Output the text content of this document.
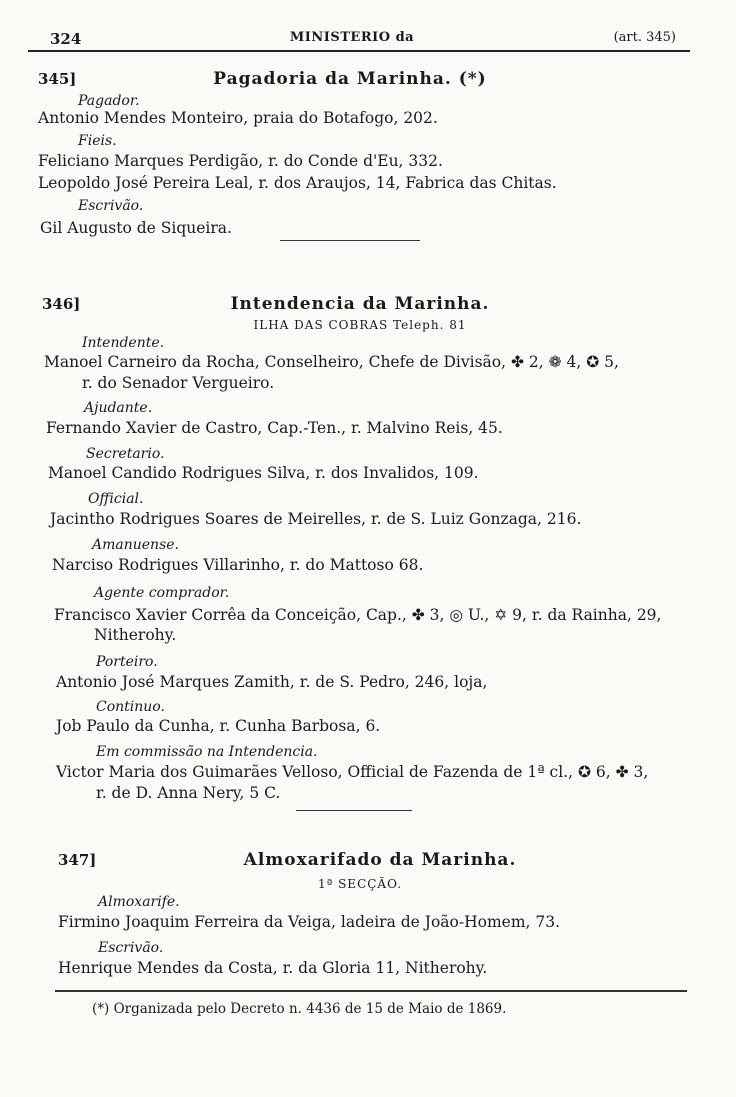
324	MINISTERIO da	(art. 345)
345]	Pagadoria da Marinha. (*)
Pagador.
Antonio Mendes Monteiro, praia do Botafogo, 202.
Fieis.
Feliciano Marques Perdigão, r. do Conde d'Eu, 332.
Leopoldo José Pereira Leal, r. dos Araujos, 14, Fabrica das Chitas.
Escrivão.
Gil Augusto de Siqueira.
346]	Intendencia da Marinha.
ILHA DAS COBRAS Teleph. 81
Intendente.
Manoel Carneiro da Rocha, Conselheiro, Chefe de Divisão, ✤ 2, ❁ 4, ✪ 5,
r. do Senador Vergueiro.
Ajudante.
Fernando Xavier de Castro, Cap.-Ten., r. Malvino Reis, 45.
Secretario.
Manoel Candido Rodrigues Silva, r. dos Invalidos, 109.
Official.
Jacintho Rodrigues Soares de Meirelles, r. de S. Luiz Gonzaga, 216.
Amanuense.
Narciso Rodrigues Villarinho, r. do Mattoso 68.
Agente comprador.
Francisco Xavier Corrêa da Conceição, Cap., ✤ 3, ◎ U., ✡ 9, r. da Rainha, 29,
Nitherohy.
Porteiro.
Antonio José Marques Zamith, r. de S. Pedro, 246, loja,
Continuo.
Job Paulo da Cunha, r. Cunha Barbosa, 6.
Em commissão na Intendencia.
Victor Maria dos Guimarães Velloso, Official de Fazenda de 1ª cl., ✪ 6, ✤ 3,
r. de D. Anna Nery, 5 C.
347]	Almoxarifado da Marinha.
1ª SECÇÃO.
Almoxarife.
Firmino Joaquim Ferreira da Veiga, ladeira de João-Homem, 73.
Escrivão.
Henrique Mendes da Costa, r. da Gloria 11, Nitherohy.
(*) Organizada pelo Decreto n. 4436 de 15 de Maio de 1869.
